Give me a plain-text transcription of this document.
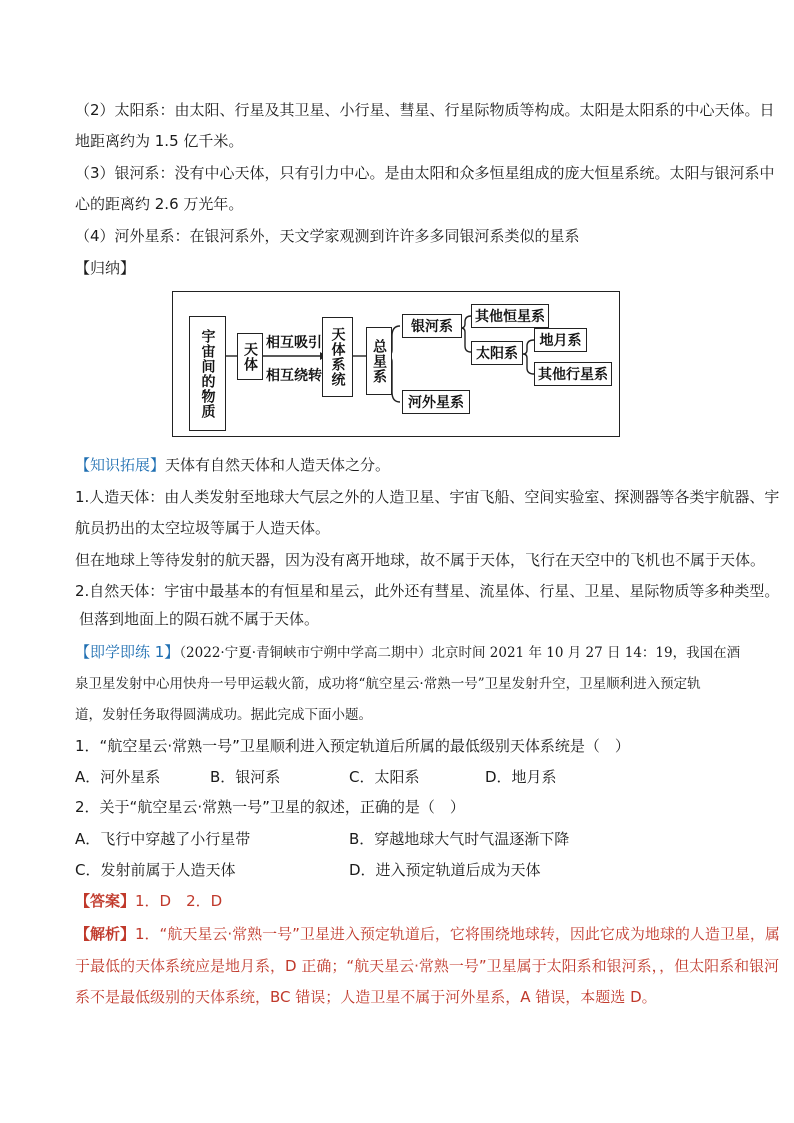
（2）太阳系：由太阳、行星及其卫星、小行星、彗星、行星际物质等构成。太阳是太阳系的中心天体。日
地距离约为 1.5 亿千米。
（3）银河系：没有中心天体，只有引力中心。是由太阳和众多恒星组成的庞大恒星系统。太阳与银河系中
心的距离约 2.6 万光年。
（4）河外星系：在银河系外，天文学家观测到许许多多同银河系类似的星系
【归纳】
宇宙间的物质	天体 相互吸引
相互绕转 天体系统	总星系
银河系
其他恒星系
太阳系
地月系
其他行星系
河外星系
【知识拓展】天体有自然天体和人造天体之分。
1.人造天体：由人类发射至地球大气层之外的人造卫星、宇宙飞船、空间实验室、探测器等各类宇航器、宇
航员扔出的太空垃圾等属于人造天体。
但在地球上等待发射的航天器，因为没有离开地球，故不属于天体，飞行在天空中的飞机也不属于天体。
2.自然天体：宇宙中最基本的有恒星和星云，此外还有彗星、流星体、行星、卫星、星际物质等多种类型。
但落到地面上的陨石就不属于天体。
【即学即练 1】（2022·宁夏·青铜峡市宁朔中学高二期中）北京时间 2021 年 10 月 27 日 14：19，我国在酒
泉卫星发射中心用快舟一号甲运载火箭，成功将“航空星云·常熟一号”卫星发射升空，卫星顺利进入预定轨
道，发射任务取得圆满成功。据此完成下面小题。
1．“航空星云·常熟一号”卫星顺利进入预定轨道后所属的最低级别天体系统是（　）
A．河外星系	B．银河系	C．太阳系	D．地月系
2．关于“航空星云·常熟一号”卫星的叙述，正确的是（　）
A．飞行中穿越了小行星带	B．穿越地球大气时气温逐渐下降
C．发射前属于人造天体	D．进入预定轨道后成为天体
【答案】1．D　2．D
【解析】1．“航天星云·常熟一号”卫星进入预定轨道后，它将围绕地球转，因此它成为地球的人造卫星，属
于最低的天体系统应是地月系，D 正确；“航天星云·常熟一号”卫星属于太阳系和银河系，，但太阳系和银河
系不是最低级别的天体系统，BC 错误；人造卫星不属于河外星系，A 错误，本题选 D。
